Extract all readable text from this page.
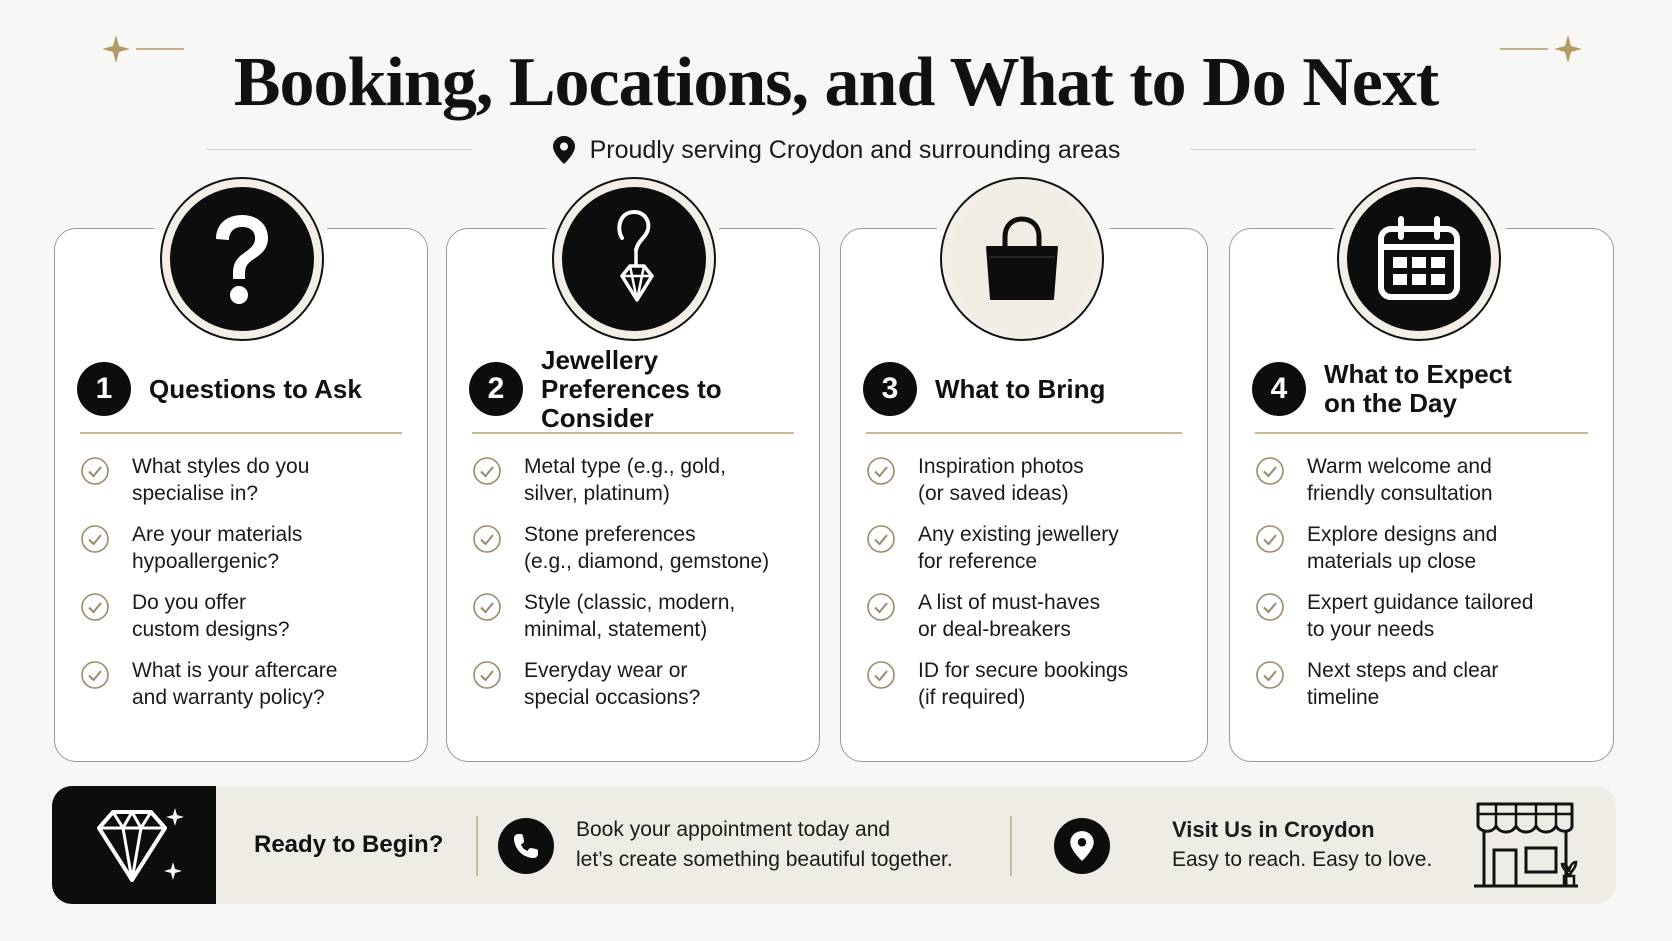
Booking, Locations, and What to Do Next
Proudly serving Croydon and surrounding areas
1	Questions to Ask
What styles do you
specialise in?
Are your materials
hypoallergenic?
Do you offer
custom designs?
What is your aftercare
and warranty policy?
2
Jewellery
Preferences to Consider
Metal type (e.g., gold,
silver, platinum)
Stone preferences
(e.g., diamond, gemstone)
Style (classic, modern,
minimal, statement)
Everyday wear or
special occasions?
3	What to Bring
Inspiration photos
(or saved ideas)
Any existing jewellery
for reference
A list of must-haves
or deal-breakers
ID for secure bookings
(if required)
4	What to Expect
on the Day
Warm welcome and
friendly consultation
Explore designs and
materials up close
Expert guidance tailored
to your needs
Next steps and clear
timeline
Ready to Begin?
Book your appointment today and
let’s create something beautiful together.
Visit Us in Croydon
Easy to reach. Easy to love.
